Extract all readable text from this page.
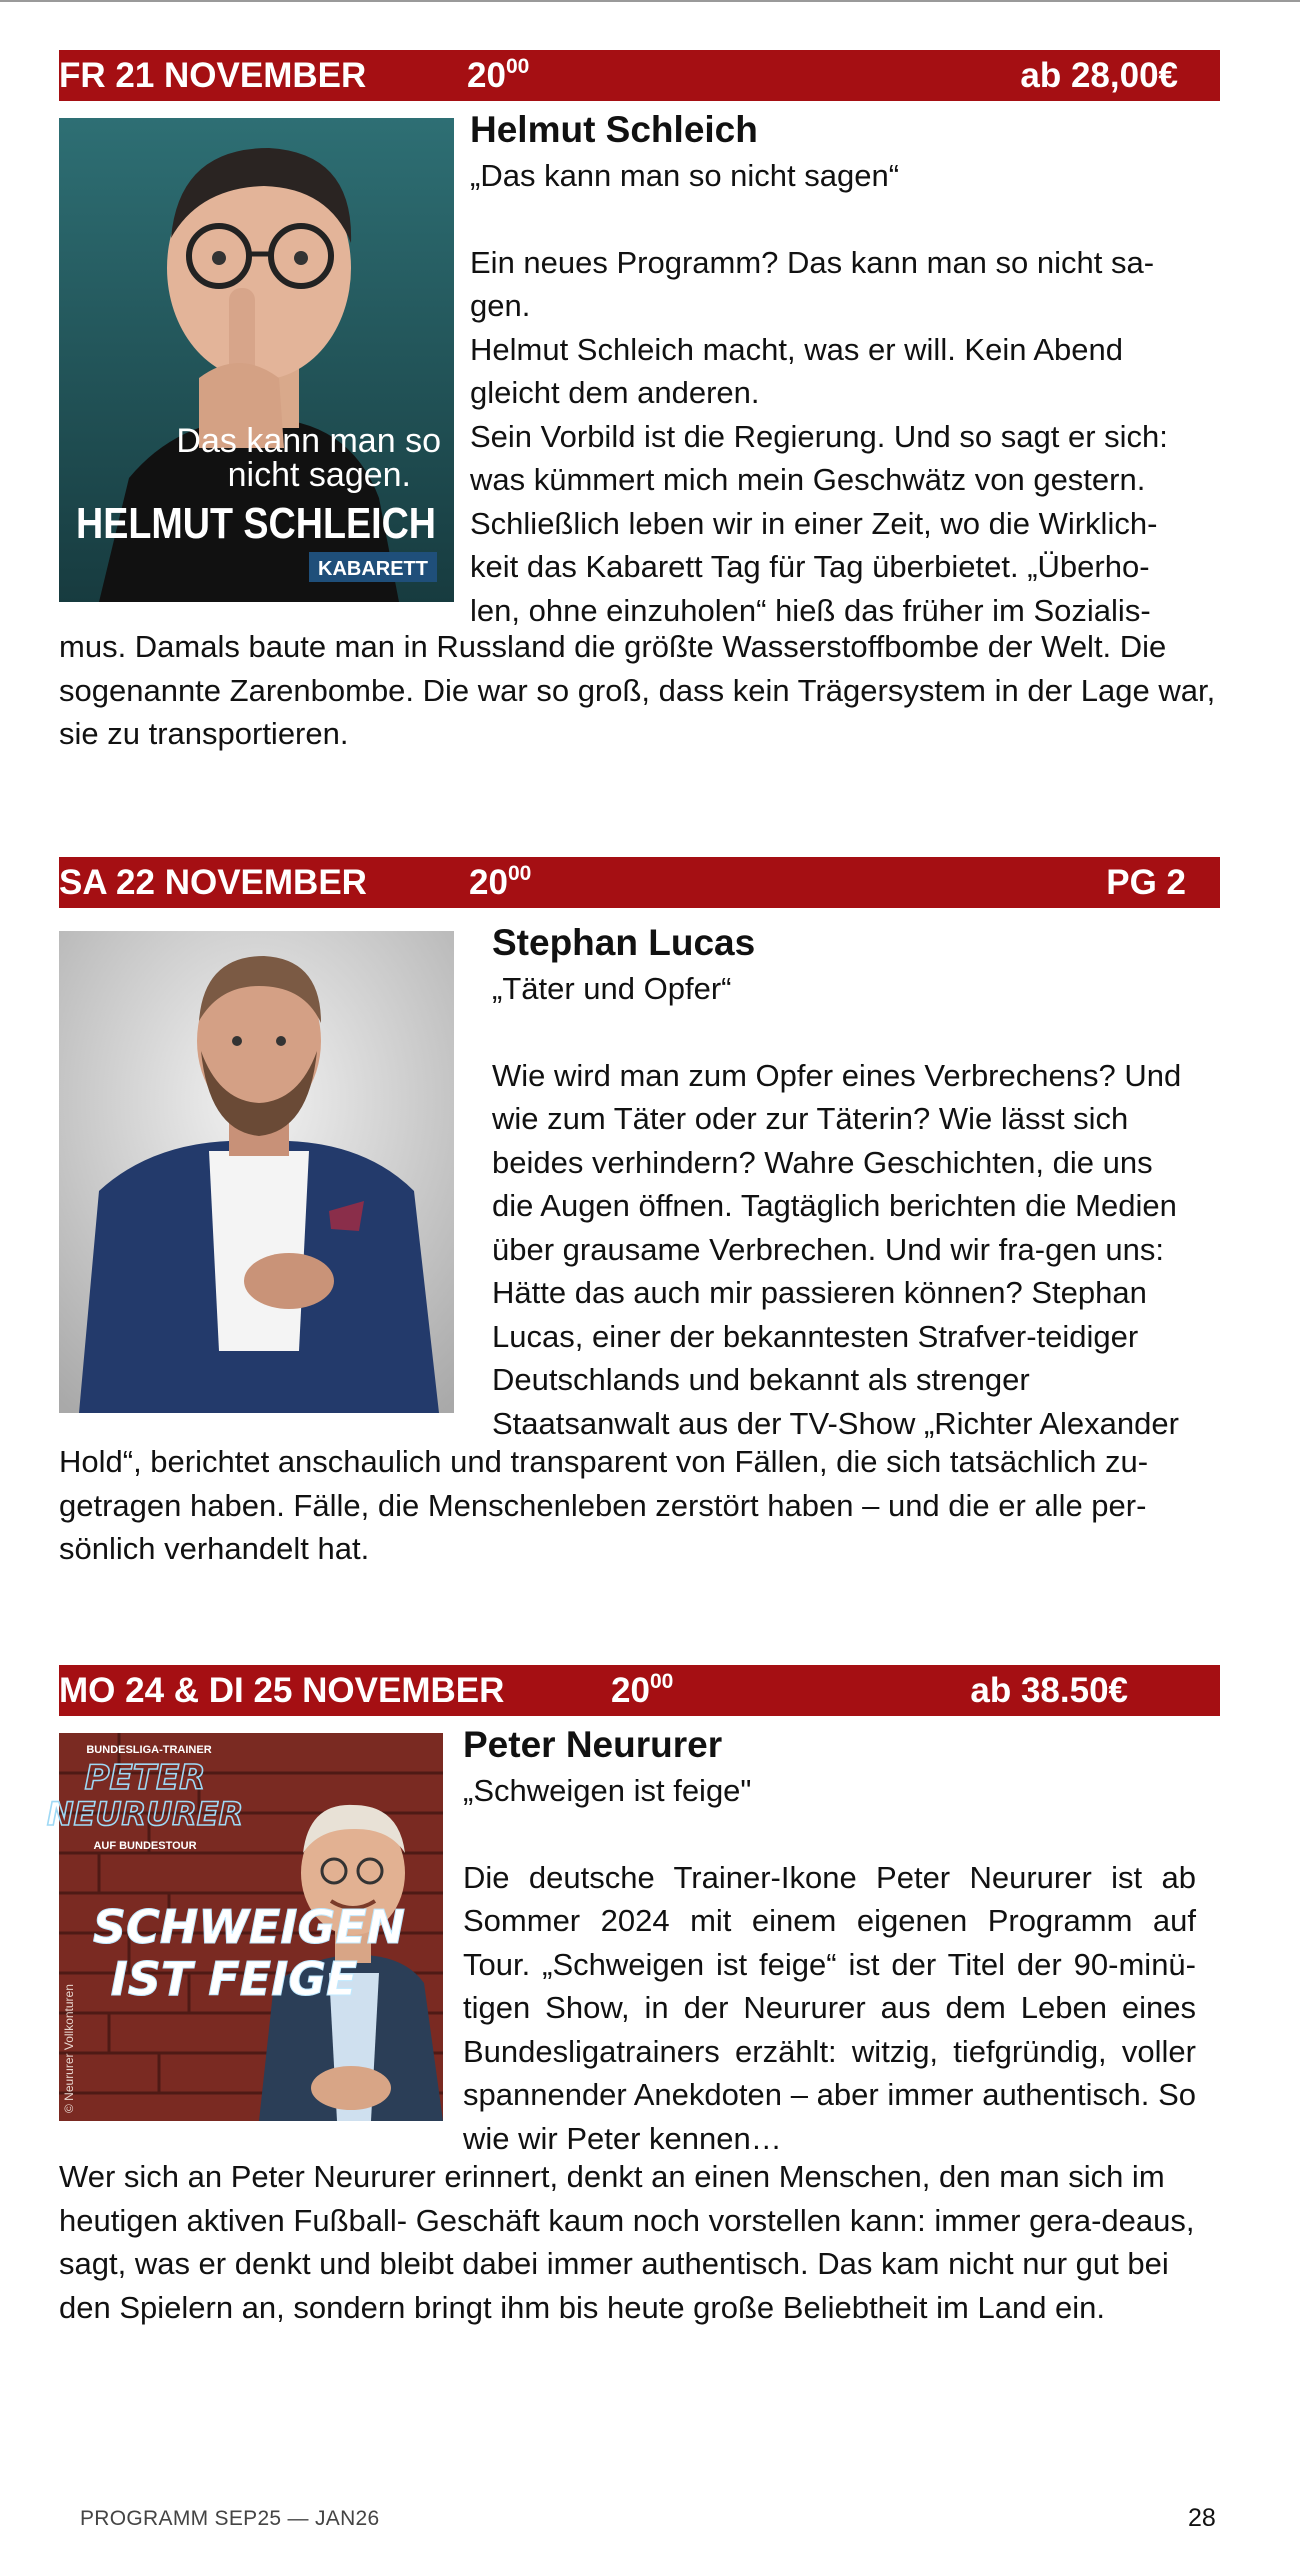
FR 21 NOVEMBER	$20^{00}$	ab 28,00€
Das kann man so
nicht sagen.
HELMUT SCHLEICH
KABARETT

Helmut Schleich

„Das kann man so nicht sagen“

Ein neues Programm? Das kann man so nicht sa-gen.

Helmut Schleich macht, was er will. Kein Abend gleicht dem anderen.

Sein Vorbild ist die Regierung. Und so sagt er sich: was kümmert mich mein Geschwätz von gestern. Schließlich leben wir in einer Zeit, wo die Wirklich-keit das Kabarett Tag für Tag überbietet. „Überho-len, ohne einzuholen“ hieß das früher im Sozialis-

mus. Damals baute man in Russland die größte Wasserstoffbombe der Welt. Die sogenannte Zarenbombe. Die war so groß, dass kein Trägersystem in der Lage war, sie zu transportieren.

SA 22 NOVEMBER	$20^{00}$	PG 2

Stephan Lucas

„Täter und Opfer“

Wie wird man zum Opfer eines Verbrechens? Und wie zum Täter oder zur Täterin? Wie lässt sich beides verhindern? Wahre Geschichten, die uns die Augen öffnen. Tagtäglich berichten die Medien über grausame Verbrechen. Und wir fra-gen uns: Hätte das auch mir passieren können? Stephan Lucas, einer der bekanntesten Strafver-teidiger Deutschlands und bekannt als strenger Staatsanwalt aus der TV-Show „Richter Alexander

Hold“, berichtet anschaulich und transparent von Fällen, die sich tatsächlich zu-getragen haben. Fälle, die Menschenleben zerstört haben – und die er alle per-sönlich verhandelt hat.

MO 24 & DI 25 NOVEMBER	$20^{00}$	ab 38.50€
BUNDESLIGA-TRAINER
PETER
NEURURER
AUF BUNDESTOUR
SCHWEIGEN
IST FEIGE
© Neururer Vollkonturen

Peter Neururer

„Schweigen ist feige"

Die deutsche Trainer-Ikone Peter Neururer ist ab Sommer 2024 mit einem eigenen Programm auf Tour. „Schweigen ist feige“ ist der Titel der 90-minü-tigen Show, in der Neururer aus dem Leben eines Bundesligatrainers erzählt: witzig, tiefgründig, voller spannender Anekdoten – aber immer authentisch. So wie wir Peter kennen…

Wer sich an Peter Neururer erinnert, denkt an einen Menschen, den man sich im heutigen aktiven Fußball- Geschäft kaum noch vorstellen kann: immer gera-deaus, sagt, was er denkt und bleibt dabei immer authentisch. Das kam nicht nur gut bei den Spielern an, sondern bringt ihm bis heute große Beliebtheit im Land ein.

PROGRAMM SEP25 — JAN26	28
